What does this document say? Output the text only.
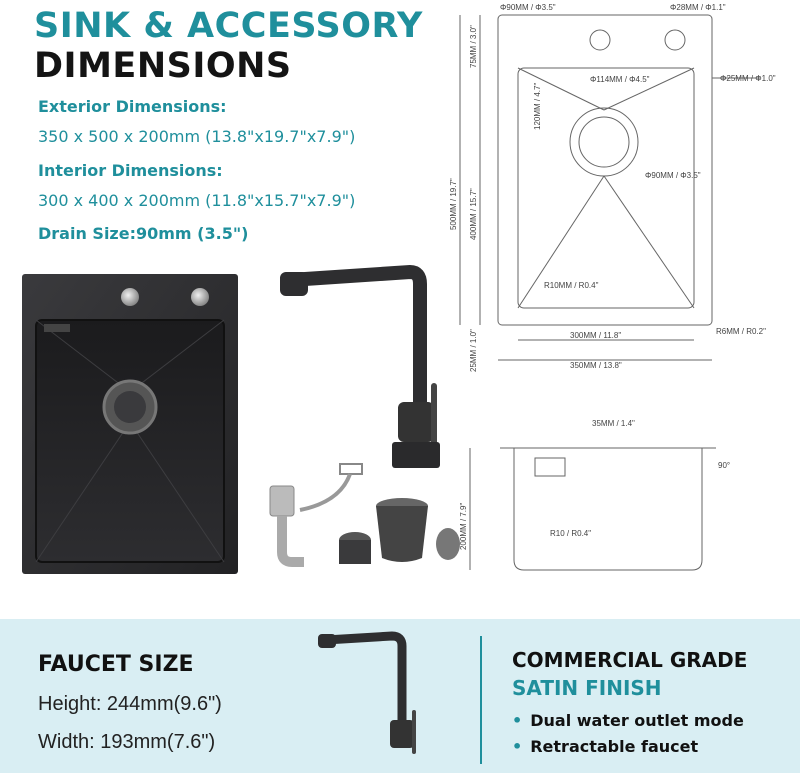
SINK & ACCESSORY
DIMENSIONS
Exterior Dimensions:
350 x 500 x 200mm (13.8"x19.7"x7.9")
Interior Dimensions:
300 x 400 x 200mm (11.8"x15.7"x7.9")
Drain Size:90mm (3.5")
Φ90MM / Φ3.5"	Φ28MM / Φ1.1"
Φ114MM / Φ4.5"	Φ25MM / Φ1.0"
Φ90MM / Φ3.5"
R10MM / R0.4"
300MM / 11.8"	R6MM / R0.2"
350MM / 13.8"
120MM / 4.7"
75MM / 3.0"
400MM / 15.7"
500MM / 19.7"
25MM / 1.0"
35MM / 1.4"
90°
R10 / R0.4"
200MM / 7.9"
FAUCET SIZE
Height: 244mm(9.6")
Width: 193mm(7.6")
COMMERCIAL GRADE
SATIN FINISH
• Dual water outlet mode
• Retractable faucet
